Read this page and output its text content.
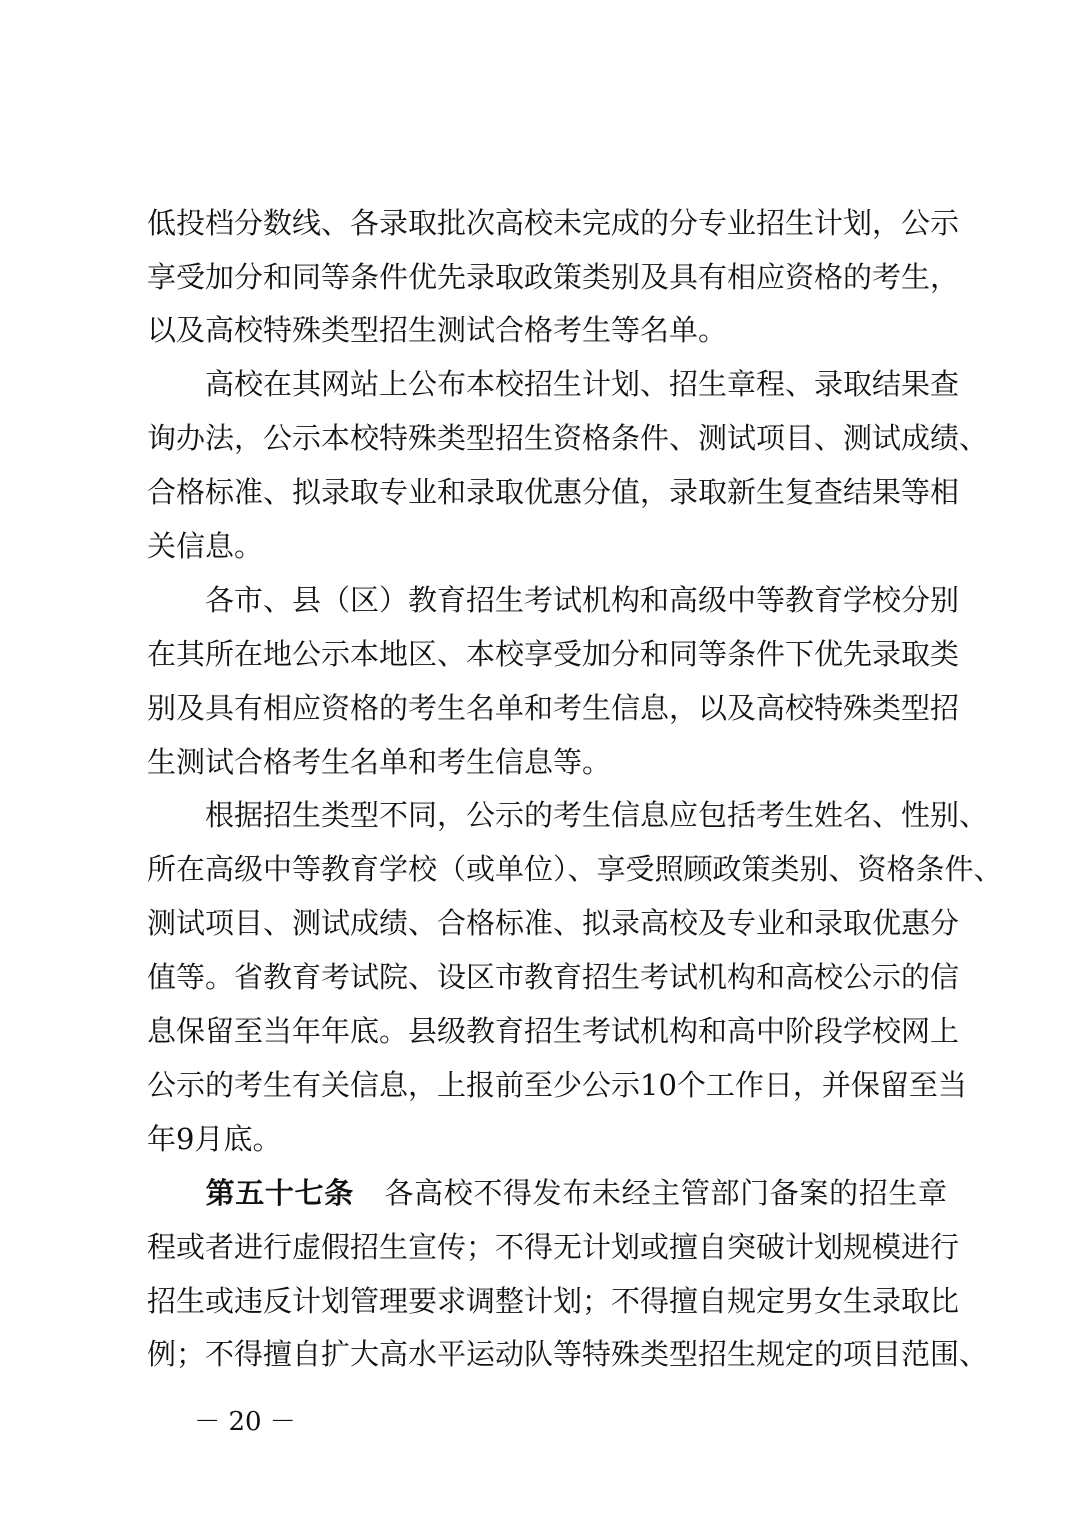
低投档分数线、各录取批次高校未完成的分专业招生计划，公示
享受加分和同等条件优先录取政策类别及具有相应资格的考生，
以及高校特殊类型招生测试合格考生等名单。
　　高校在其网站上公布本校招生计划、招生章程、录取结果查
询办法，公示本校特殊类型招生资格条件、测试项目、测试成绩、
合格标准、拟录取专业和录取优惠分值，录取新生复查结果等相
关信息。
　　各市、县（区）教育招生考试机构和高级中等教育学校分别
在其所在地公示本地区、本校享受加分和同等条件下优先录取类
别及具有相应资格的考生名单和考生信息，以及高校特殊类型招
生测试合格考生名单和考生信息等。
　　根据招生类型不同，公示的考生信息应包括考生姓名、性别、
所在高级中等教育学校（或单位）、享受照顾政策类别、资格条件、
测试项目、测试成绩、合格标准、拟录高校及专业和录取优惠分
值等。省教育考试院、设区市教育招生考试机构和高校公示的信
息保留至当年年底。县级教育招生考试机构和高中阶段学校网上
公示的考生有关信息，上报前至少公示10个工作日，并保留至当
年9月底。
第五十七条 各高校不得发布未经主管部门备案的招生章
程或者进行虚假招生宣传；不得无计划或擅自突破计划规模进行
招生或违反计划管理要求调整计划；不得擅自规定男女生录取比
例；不得擅自扩大高水平运动队等特殊类型招生规定的项目范围、
－ 20 －
